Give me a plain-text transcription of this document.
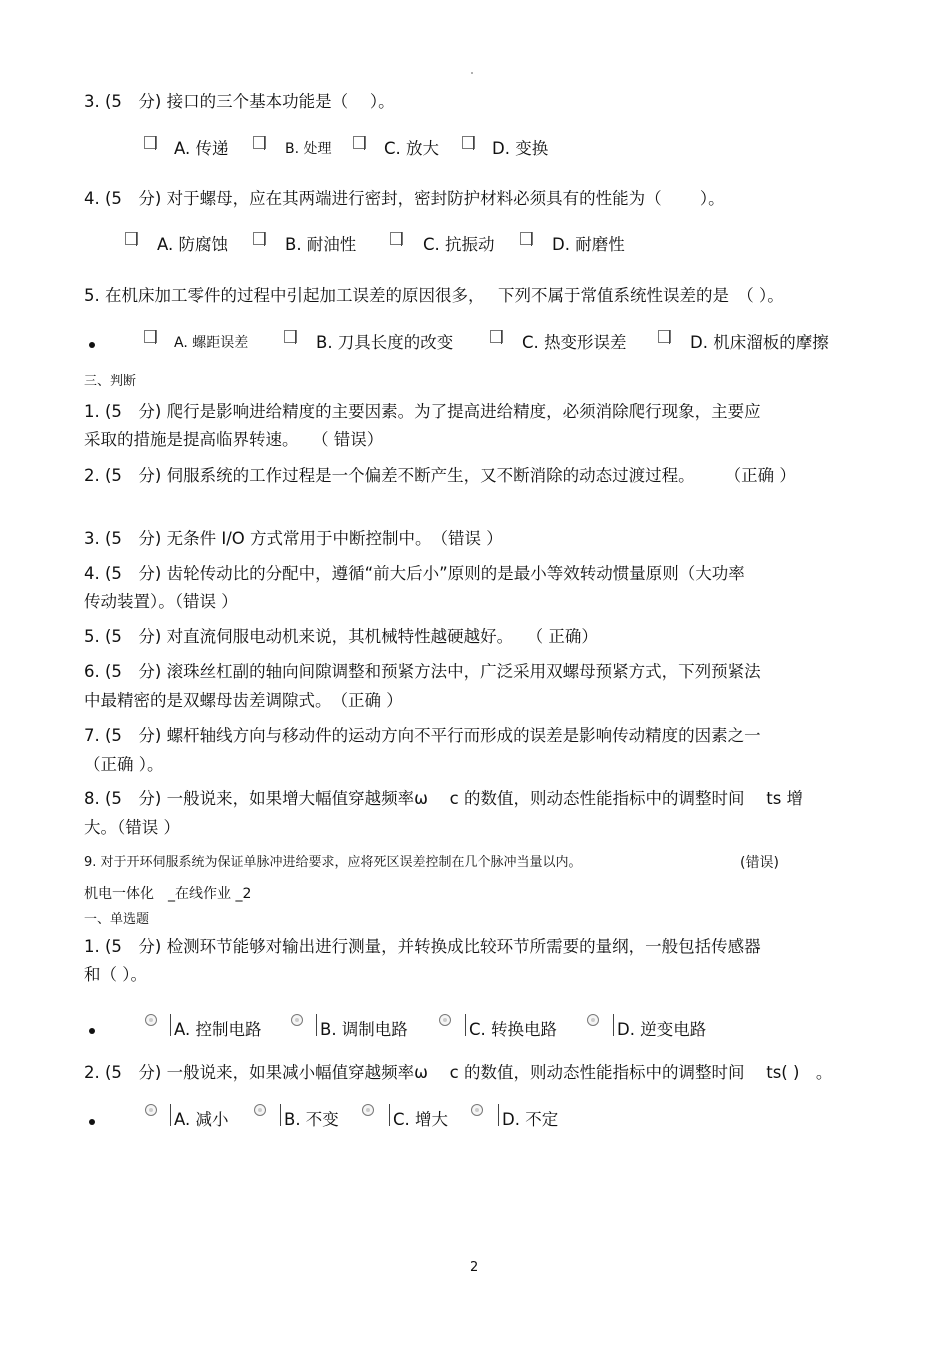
3. (5　分) 接口的三个基本功能是（　 ）。
A. 传递	B. 处理	C. 放大	D. 变换
4. (5　分) 对于螺母，应在其两端进行密封，密封防护材料必须具有的性能为（　　 ）。
A. 防腐蚀	B. 耐油性	C. 抗振动	D. 耐磨性
5. 在机床加工零件的过程中引起加工误差的原因很多，　 下列不属于常值系统性误差的是　（ ）。
A. 螺距误差	B. 刀具长度的改变	C. 热变形误差	D. 机床溜板的摩擦
三、判断
1. (5　分) 爬行是影响进给精度的主要因素。为了提高进给精度，必须消除爬行现象，主要应
采取的措施是提高临界转速。　 （ 错误）
2. (5　分) 伺服系统的工作过程是一个偏差不断产生，又不断消除的动态过渡过程。　　 （正确 ）
3. (5　分) 无条件 I/O 方式常用于中断控制中。　（错误 ）
4. (5　分) 齿轮传动比的分配中，遵循“前大后小”原则的是最小等效转动惯量原则（大功率
传动装置）。（错误 ）
5. (5　分) 对直流伺服电动机来说，其机械特性越硬越好。　 （ 正确）
6. (5　分) 滚珠丝杠副的轴向间隙调整和预紧方法中，广泛采用双螺母预紧方式，下列预紧法
中最精密的是双螺母齿差调隙式。　（正确 ）
7. (5　分) 螺杆轴线方向与移动件的运动方向不平行而形成的误差是影响传动精度的因素之一
（正确 ）。
8. (5　分) 一般说来，如果增大幅值穿越频率ω　 c 的数值，则动态性能指标中的调整时间　 ts 增
大。（错误 ）
9. 对于开环伺服系统为保证单脉冲进给要求，应将死区误差控制在几个脉冲当量以内。	(错误)
机电一体化　_在线作业 _2
一、单选题
1. (5　分) 检测环节能够对输出进行测量，并转换成比较环节所需要的量纲，一般包括传感器
和（ ）。
A. 控制电路	B. 调制电路	C. 转换电路	D. 逆变电路
2. (5　分) 一般说来，如果减小幅值穿越频率ω　 c 的数值，则动态性能指标中的调整时间　 ts( )　。
A. 减小	B. 不变	C. 增大	D. 不定
2
